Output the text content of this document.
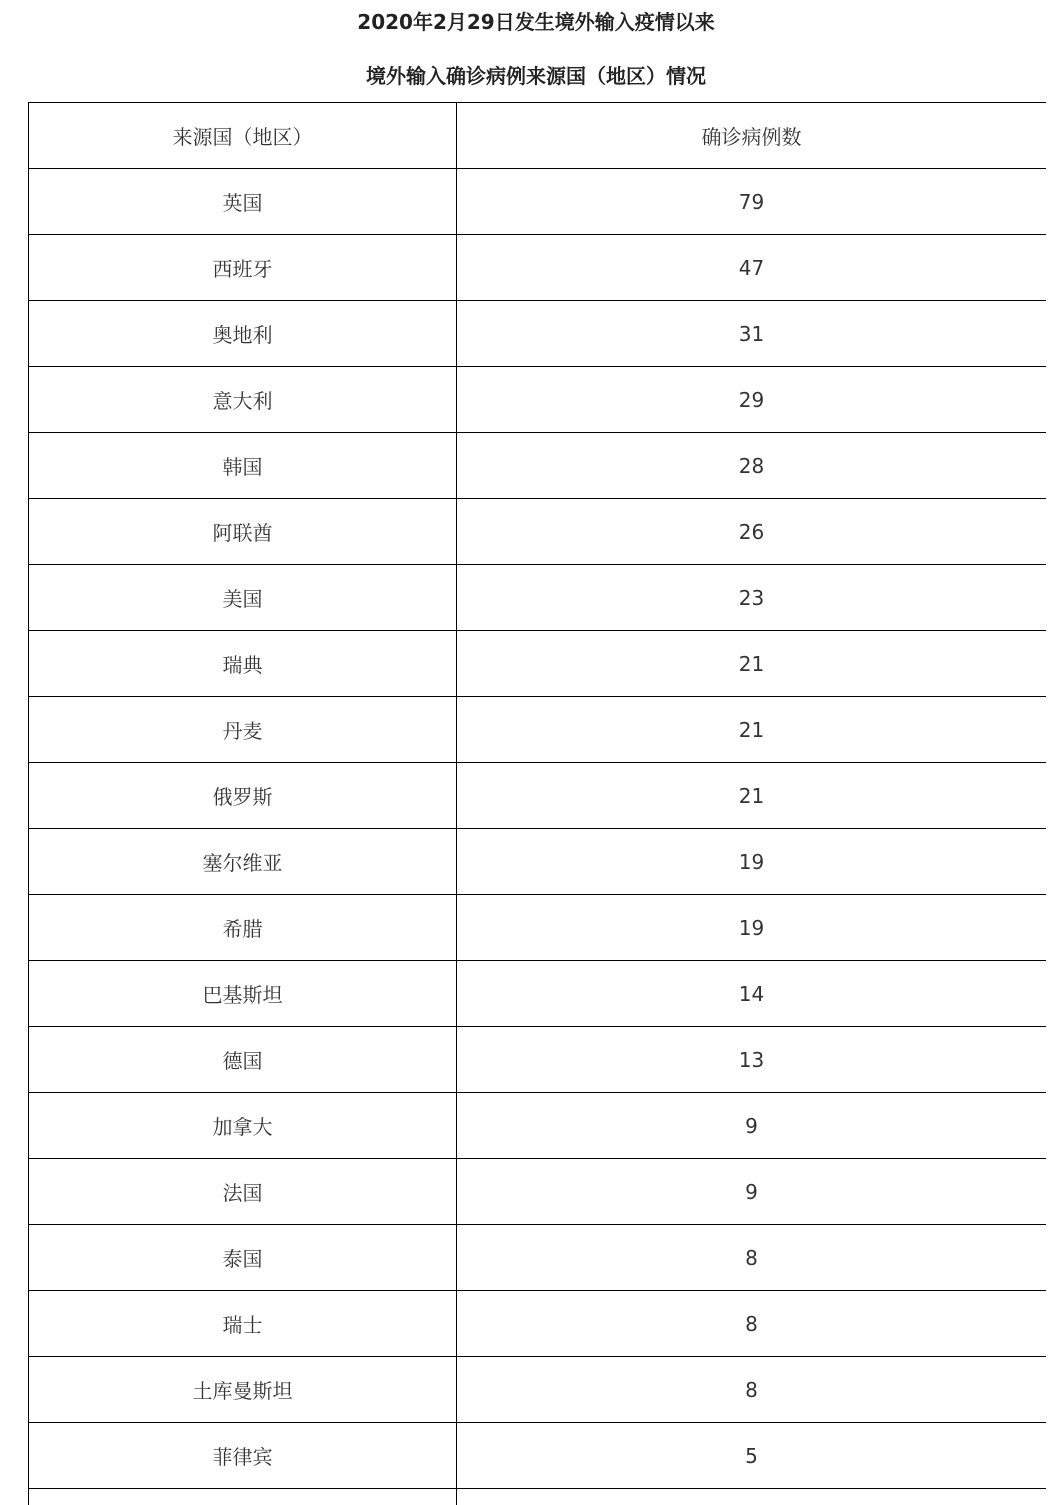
2020年2月29日发生境外输入疫情以来
境外输入确诊病例来源国（地区）情况
来源国（地区）	确诊病例数
英国	79
西班牙	47
奥地利	31
意大利	29
韩国	28
阿联酋	26
美国	23
瑞典	21
丹麦	21
俄罗斯	21
塞尔维亚	19
希腊	19
巴基斯坦	14
德国	13
加拿大	9
法国	9
泰国	8
瑞士	8
土库曼斯坦	8
菲律宾	5
